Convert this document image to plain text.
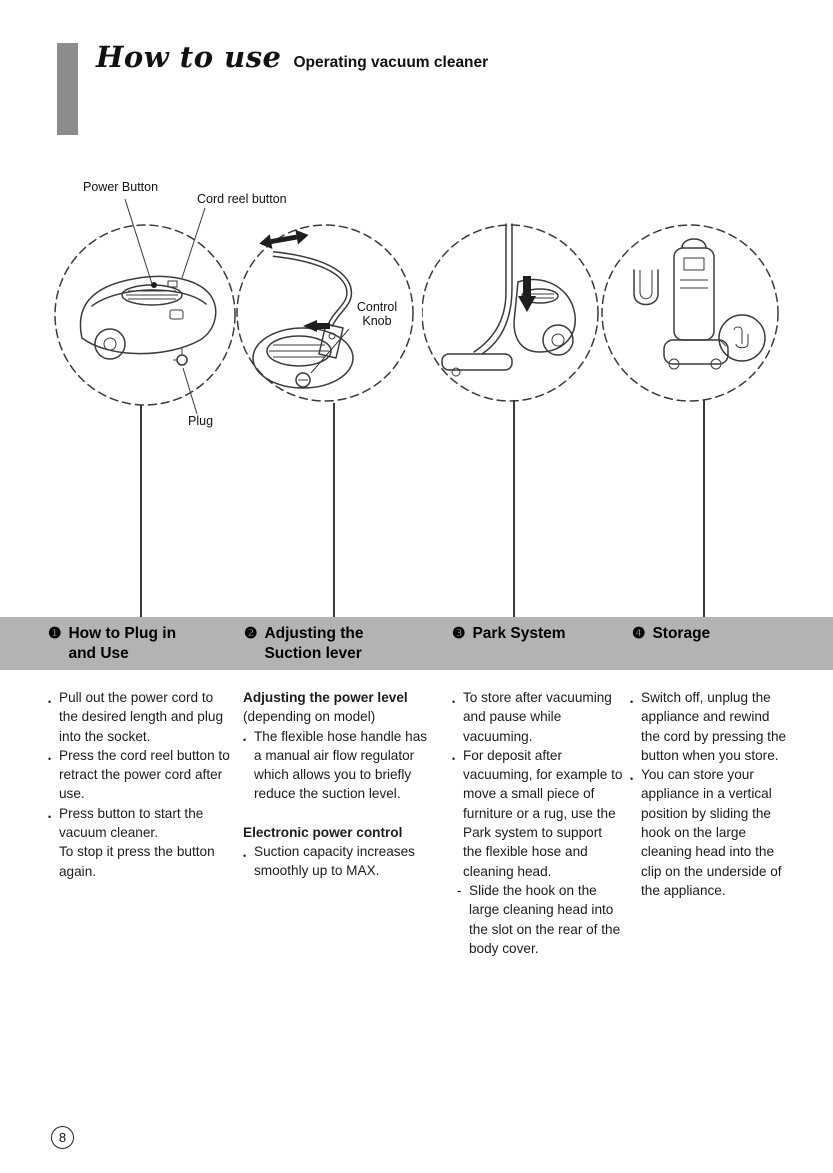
How to use Operating vacuum cleaner
Power Button
Cord reel button
Plug
Control Knob
❶ How to Plug in
and Use
❷ Adjusting the
Suction lever
❸ Park System	❹ Storage
• Pull out the power cord to the desired length and plug into the socket.
• Press the cord reel button to retract the power cord after use.
• Press button to start the vacuum cleaner.
To stop it press the button again.
Adjusting the power level
(depending on model)
• The flexible hose handle has a manual air flow regulator which allows you to briefly reduce the suction level.
Electronic power control
• Suction capacity increases smoothly up to MAX.
• To store after vacuuming and pause while vacuuming.
• For deposit after vacuuming, for example to move a small piece of furniture or a rug, use the Park system to support the flexible hose and cleaning head.
- Slide the hook on the large cleaning head into the slot on the rear of the body cover.
• Switch off, unplug the appliance and rewind the cord by pressing the button when you store.
• You can store your appliance in a vertical position by sliding the hook on the large cleaning head into the clip on the underside of the appliance.
8
